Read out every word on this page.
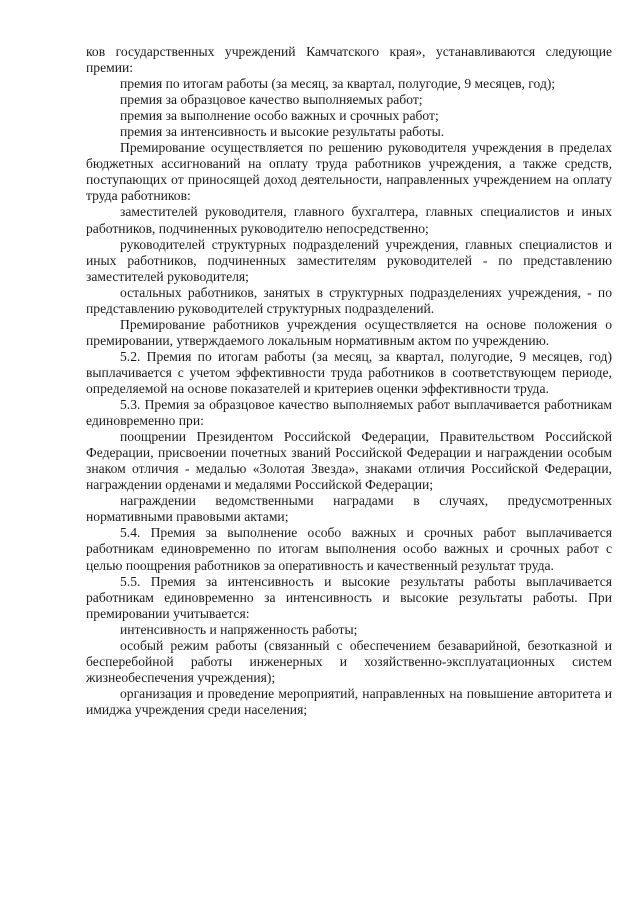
ков государственных учреждений Камчатского края», устанавливаются следующие премии:

премия по итогам работы (за месяц, за квартал, полугодие, 9 месяцев, год);

премия за образцовое качество выполняемых работ;

премия за выполнение особо важных и срочных работ;

премия за интенсивность и высокие результаты работы.

Премирование осуществляется по решению руководителя учреждения в пределах бюджетных ассигнований на оплату труда работников учреждения, а также средств, поступающих от приносящей доход деятельности, направленных учреждением на оплату труда работников:

заместителей руководителя, главного бухгалтера, главных специалистов и иных работников, подчиненных руководителю непосредственно;

руководителей структурных подразделений учреждения, главных специалистов и иных работников, подчиненных заместителям руководителей - по представлению заместителей руководителя;

остальных работников, занятых в структурных подразделениях учреждения, - по представлению руководителей структурных подразделений.

Премирование работников учреждения осуществляется на основе положения о премировании, утверждаемого локальным нормативным актом по учреждению.

5.2. Премия по итогам работы (за месяц, за квартал, полугодие, 9 месяцев, год) выплачивается с учетом эффективности труда работников в соответствующем периоде, определяемой на основе показателей и критериев оценки эффективности труда.

5.3. Премия за образцовое качество выполняемых работ выплачивается работникам единовременно при:

поощрении Президентом Российской Федерации, Правительством Российской Федерации, присвоении почетных званий Российской Федерации и награждении особым знаком отличия - медалью «Золотая Звезда», знаками отличия Российской Федерации, награждении орденами и медалями Российской Федерации;

награждении ведомственными наградами в случаях, предусмотренных нормативными правовыми актами;

5.4. Премия за выполнение особо важных и срочных работ выплачивается работникам единовременно по итогам выполнения особо важных и срочных работ с целью поощрения работников за оперативность и качественный результат труда.

5.5. Премия за интенсивность и высокие результаты работы выплачивается работникам единовременно за интенсивность и высокие результаты работы. При премировании учитывается:

интенсивность и напряженность работы;

особый режим работы (связанный с обеспечением безаварийной, безотказной и бесперебойной работы инженерных и хозяйственно-эксплуатационных систем жизнеобеспечения учреждения);

организация и проведение мероприятий, направленных на повышение авторитета и имиджа учреждения среди населения;
